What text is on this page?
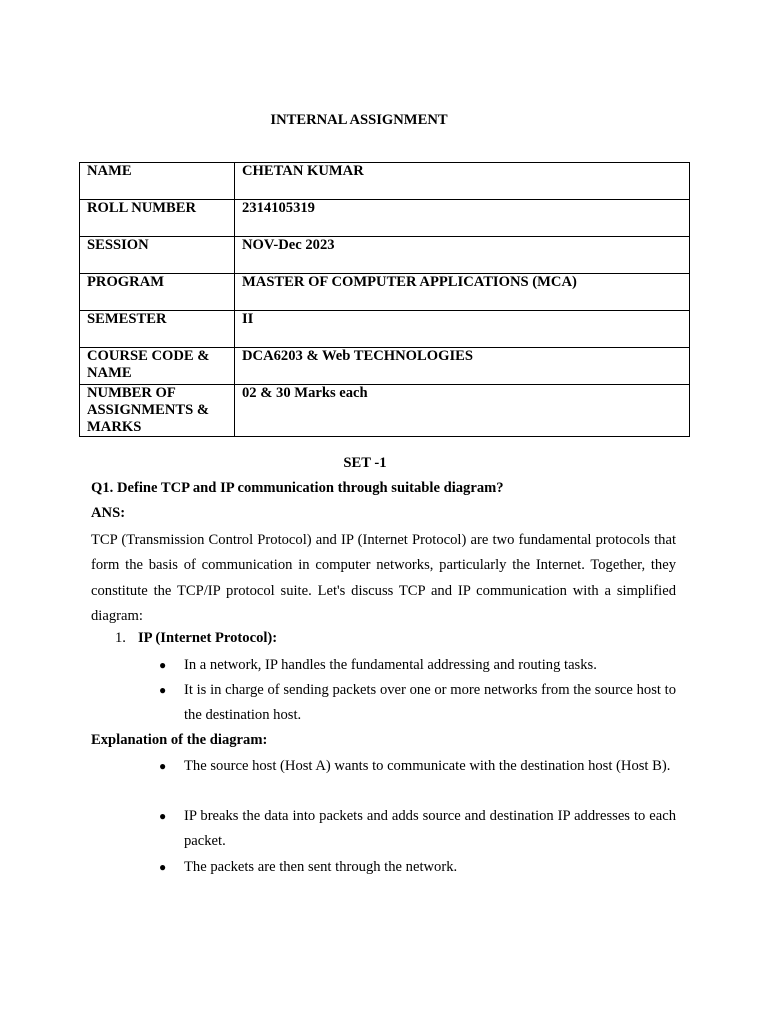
INTERNAL ASSIGNMENT
NAME	CHETAN KUMAR
ROLL NUMBER	2314105319
SESSION	NOV-Dec 2023
PROGRAM	MASTER OF COMPUTER APPLICATIONS (MCA)
SEMESTER	II
COURSE CODE & NAME	DCA6203 & Web TECHNOLOGIES
NUMBER OF ASSIGNMENTS & MARKS	02 & 30 Marks each
SET -1
Q1. Define TCP and IP communication through suitable diagram?
ANS:

TCP (Transmission Control Protocol) and IP (Internet Protocol) are two fundamental protocols that form the basis of communication in computer networks, particularly the Internet. Together, they constitute the TCP/IP protocol suite. Let's discuss TCP and IP communication with a simplified diagram:

1. IP (Internet Protocol):

● In a network, IP handles the fundamental addressing and routing tasks.

● It is in charge of sending packets over one or more networks from the source host to the destination host.

Explanation of the diagram:

● The source host (Host A) wants to communicate with the destination host (Host B).

● IP breaks the data into packets and adds source and destination IP addresses to each packet.

● The packets are then sent through the network.
